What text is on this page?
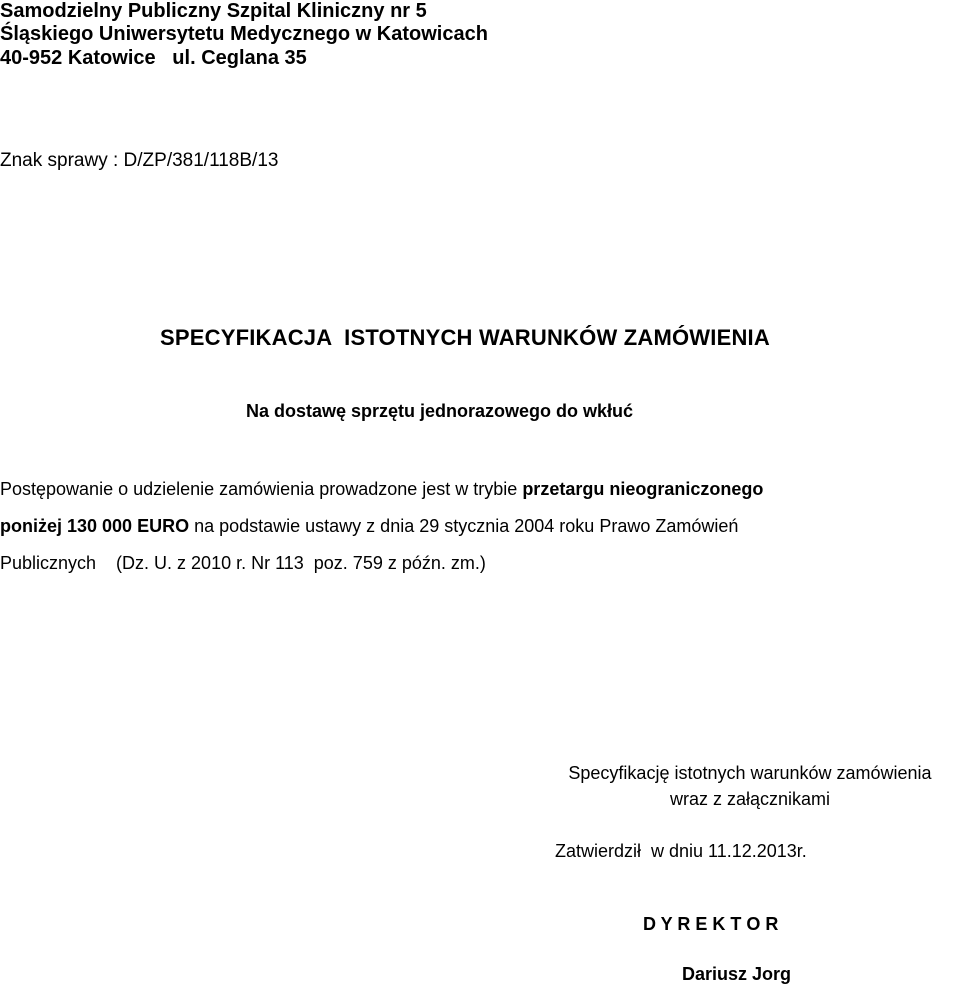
Samodzielny Publiczny Szpital Kliniczny nr 5
Śląskiego Uniwersytetu Medycznego w Katowicach
40-952 Katowice   ul. Ceglana 35
Znak sprawy : D/ZP/381/118B/13
SPECYFIKACJA  ISTOTNYCH WARUNKÓW ZAMÓWIENIA
Na dostawę sprzętu jednorazowego do wkłuć
Postępowanie o udzielenie zamówienia prowadzone jest w trybie przetargu nieograniczonego
poniżej 130 000 EURO na podstawie ustawy z dnia 29 stycznia 2004 roku Prawo Zamówień
Publicznych    (Dz. U. z 2010 r. Nr 113  poz. 759 z późn. zm.)
Specyfikację istotnych warunków zamówienia
wraz z załącznikami
Zatwierdził  w dniu 11.12.2013r.
D Y R E K T O R
Dariusz Jorg
